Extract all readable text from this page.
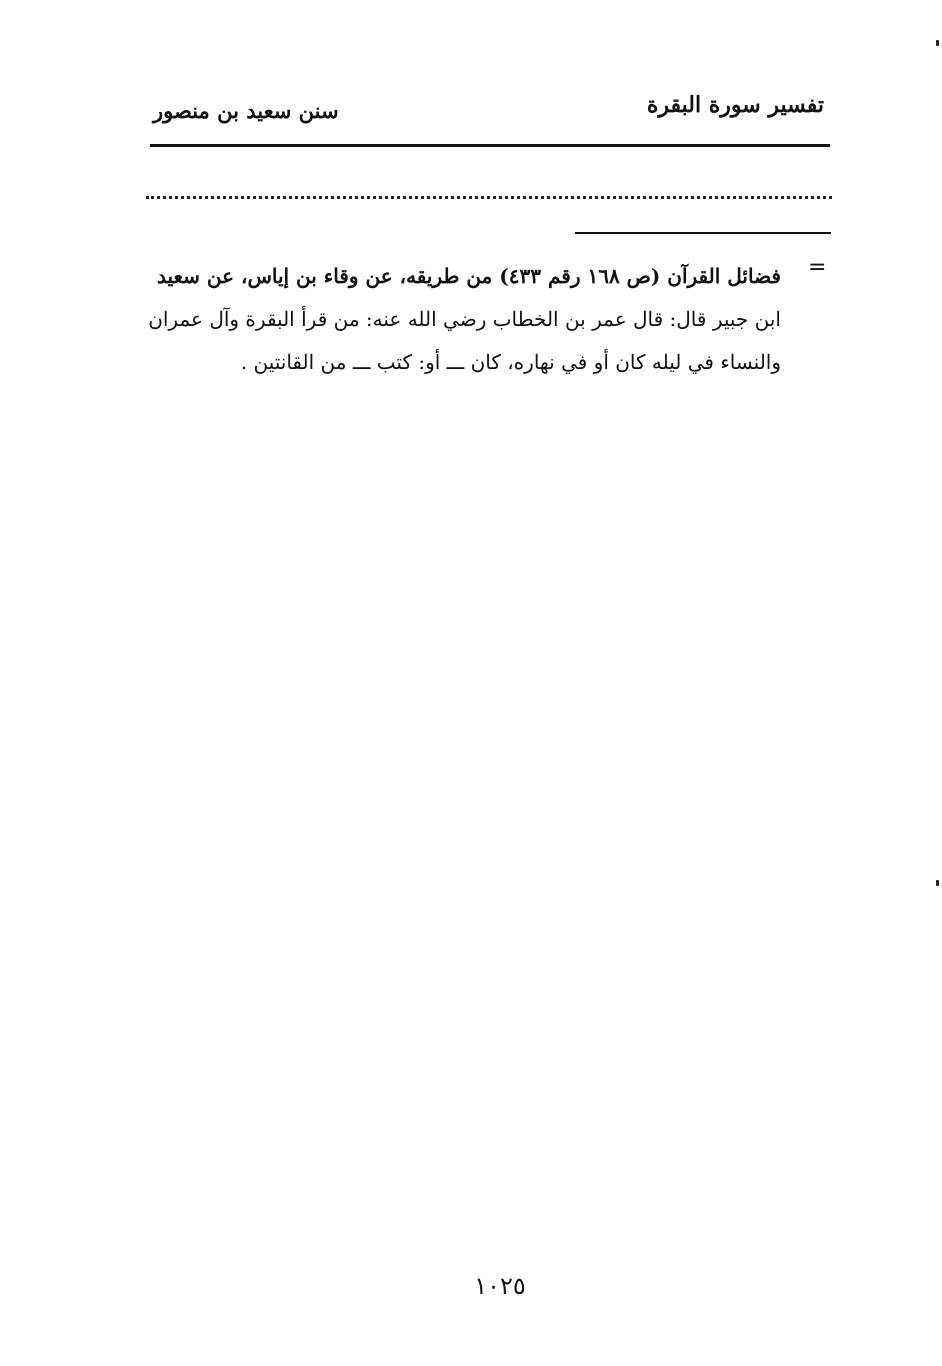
تفسير سورة البقرة
سنن سعيد بن منصور
=
فضائل القرآن (ص ١٦٨ رقم ٤٣٣) من طريقه، عن وقاء بن إياس، عن سعيد
ابن جبير قال: قال عمر بن الخطاب رضي الله عنه: من قرأ البقرة وآل عمران
والنساء في ليله كان أو في نهاره، كان ـــ أو: كتب ـــ من القانتين .
١٠٢٥
